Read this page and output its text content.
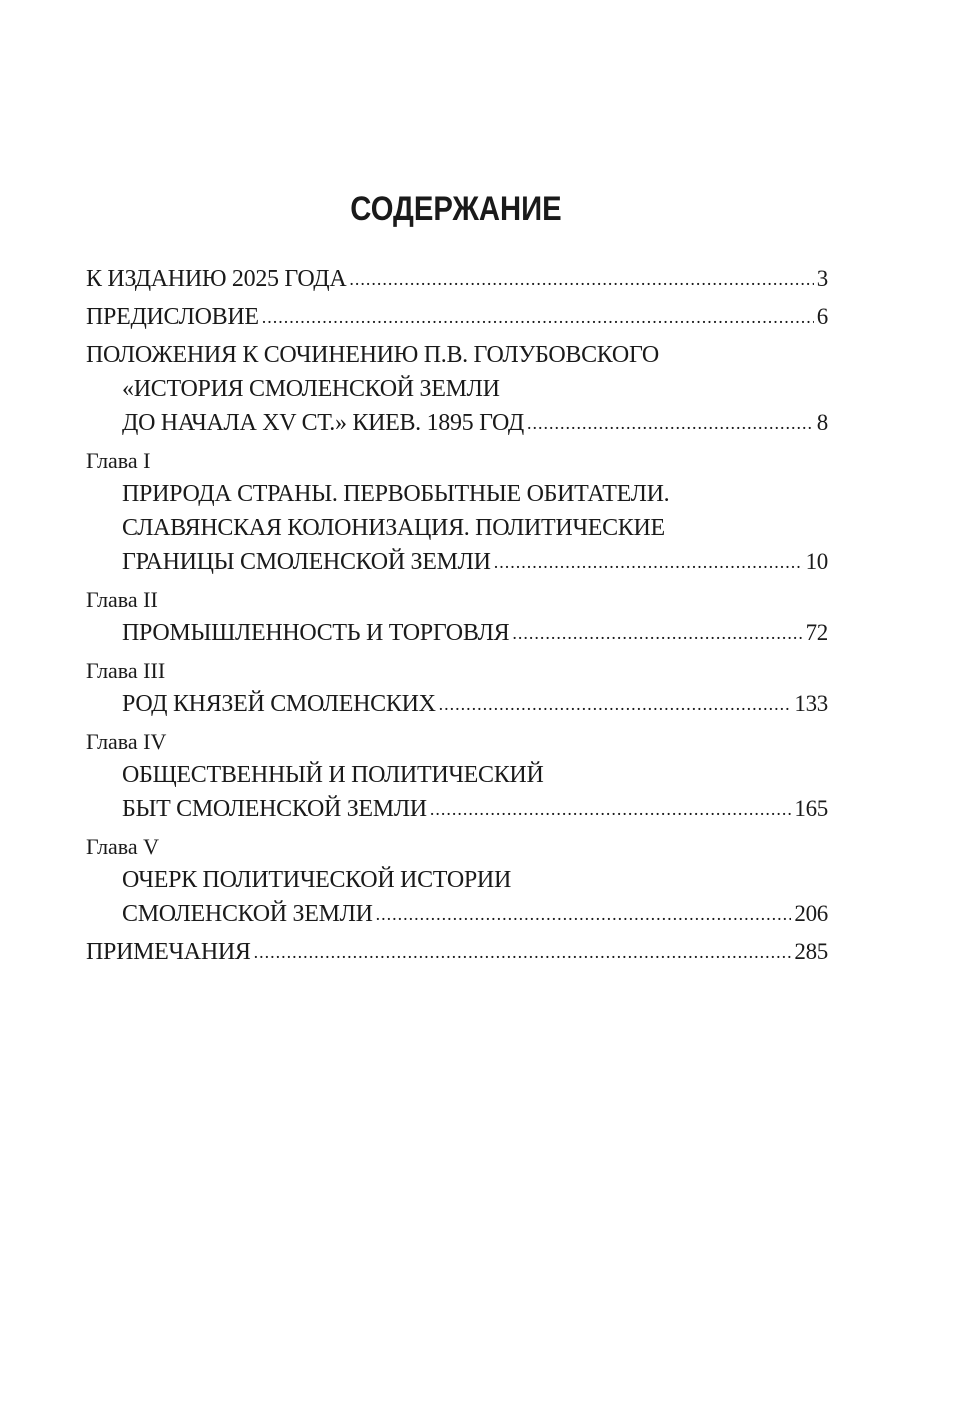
СОДЕРЖАНИЕ
К ИЗДАНИЮ 2025 ГОДА .....	3
ПРЕДИСЛОВИЕ .....	6
ПОЛОЖЕНИЯ К СОЧИНЕНИЮ П.В. ГОЛУБОВСКОГО
«ИСТОРИЯ СМОЛЕНСКОЙ ЗЕМЛИ
ДО НАЧАЛА XV СТ.» КИЕВ. 1895 ГОД .....	8
Глава I
ПРИРОДА СТРАНЫ. ПЕРВОБЫТНЫЕ ОБИТАТЕЛИ.
СЛАВЯНСКАЯ КОЛОНИЗАЦИЯ. ПОЛИТИЧЕСКИЕ
ГРАНИЦЫ СМОЛЕНСКОЙ ЗЕМЛИ .....	10
Глава II
ПРОМЫШЛЕННОСТЬ И ТОРГОВЛЯ .....	72
Глава III
РОД КНЯЗЕЙ СМОЛЕНСКИХ .....	133
Глава IV
ОБЩЕСТВЕННЫЙ И ПОЛИТИЧЕСКИЙ
БЫТ СМОЛЕНСКОЙ ЗЕМЛИ .....	165
Глава V
ОЧЕРК ПОЛИТИЧЕСКОЙ ИСТОРИИ
СМОЛЕНСКОЙ ЗЕМЛИ .....	206
ПРИМЕЧАНИЯ .....	285
